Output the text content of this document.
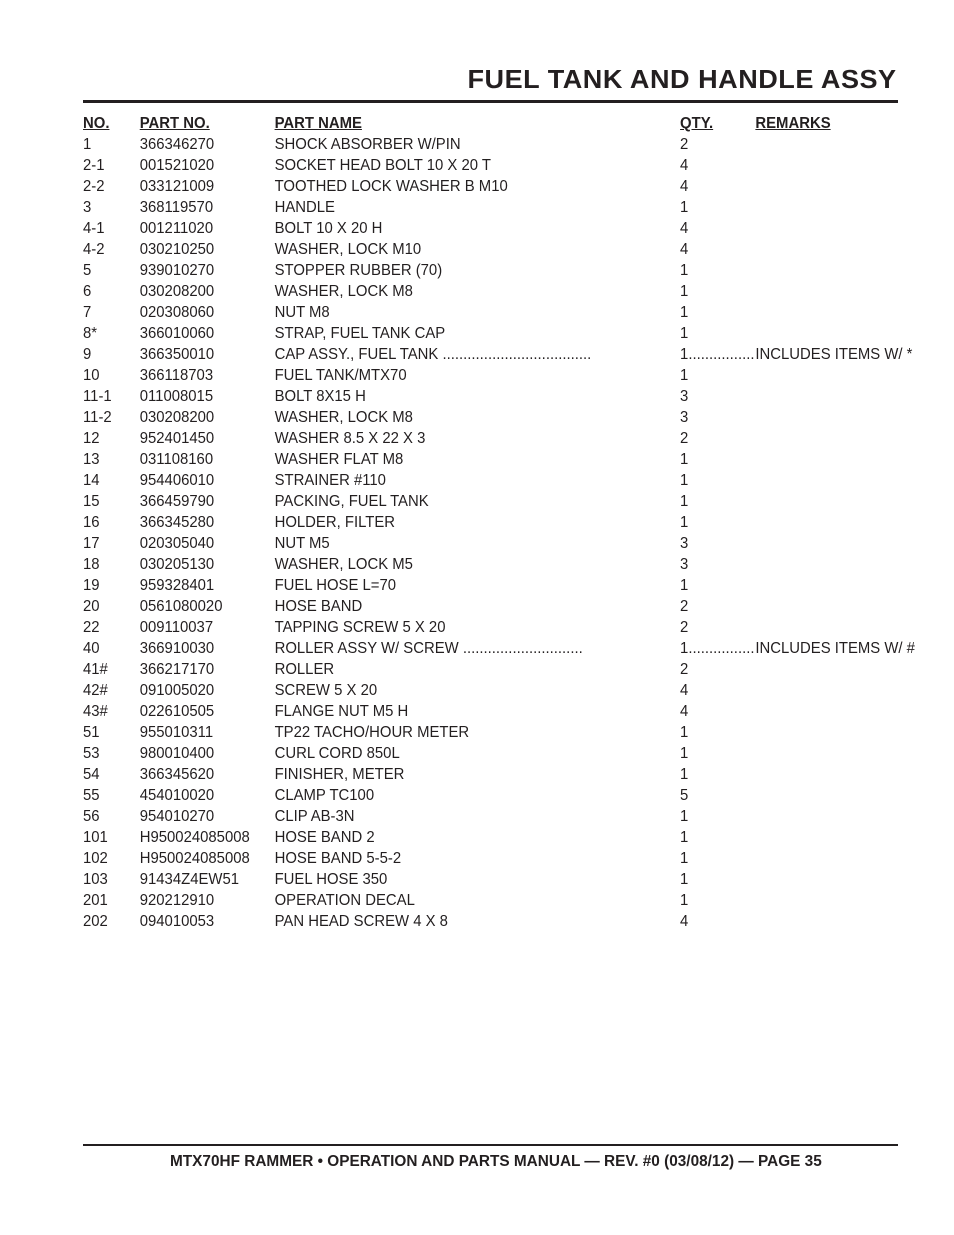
FUEL TANK AND HANDLE ASSY
NO. PART NO.	PART NAME	QTY.	REMARKS
1	366346270	SHOCK ABSORBER W/PIN	2
2-1 001521020	SOCKET HEAD BOLT 10 X 20 T	4
2-2 033121009	TOOTHED LOCK WASHER B M10	4
3	368119570	HANDLE	1
4-1 001211020	BOLT 10 X 20 H	4
4-2 030210250	WASHER, LOCK M10	4
5	939010270	STOPPER RUBBER (70)	1
6	030208200	WASHER, LOCK M8	1
7	020308060	NUT M8	1
8*	366010060	STRAP, FUEL TANK CAP	1
9	366350010	CAP ASSY., FUEL TANK ....................................	1................ INCLUDES ITEMS W/ *
10	366118703	FUEL TANK/MTX70	1
11-1 011008015	BOLT 8X15 H	3
11-2 030208200	WASHER, LOCK M8	3
12	952401450	WASHER 8.5 X 22 X 3	2
13	031108160	WASHER FLAT M8	1
14	954406010	STRAINER #110	1
15	366459790	PACKING, FUEL TANK	1
16	366345280	HOLDER, FILTER	1
17	020305040	NUT M5	3
18	030205130	WASHER, LOCK M5	3
19	959328401	FUEL HOSE L=70	1
20	0561080020	HOSE BAND	2
22	009110037	TAPPING SCREW 5 X 20	2
40	366910030	ROLLER ASSY W/ SCREW .............................	1................ INCLUDES ITEMS W/ #
41# 366217170	ROLLER	2
42# 091005020	SCREW 5 X 20	4
43# 022610505	FLANGE NUT M5 H	4
51	955010311	TP22 TACHO/HOUR METER	1
53	980010400	CURL CORD 850L	1
54	366345620	FINISHER, METER	1
55	454010020	CLAMP TC100	5
56	954010270	CLIP AB-3N	1
101 H950024085008 HOSE BAND 2	1
102 H950024085008 HOSE BAND 5-5-2	1
103 91434Z4EW51 FUEL HOSE 350	1
201 920212910	OPERATION DECAL	1
202 094010053	PAN HEAD SCREW 4 X 8	4
MTX70HF RAMMER • OPERATION AND PARTS MANUAL — REV. #0 (03/08/12) — PAGE 35
